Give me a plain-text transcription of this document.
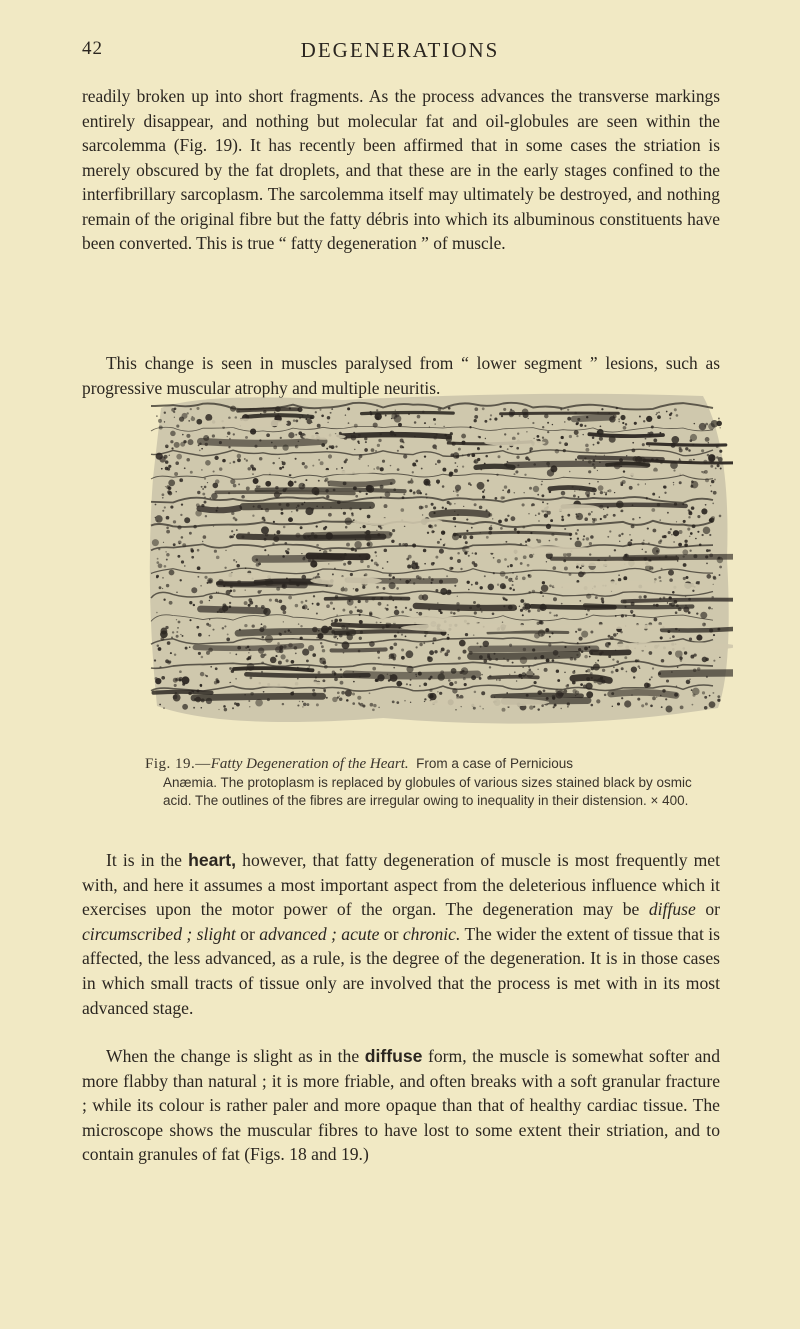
42	DEGENERATIONS

readily broken up into short fragments. As the process advances the transverse markings entirely disappear, and nothing but molecular fat and oil-globules are seen within the sarcolemma (Fig. 19). It has recently been affirmed that in some cases the striation is merely obscured by the fat droplets, and that these are in the early stages confined to the interfibrillary sarcoplasm. The sarcolemma itself may ultimately be destroyed, and nothing remain of the original fibre but the fatty débris into which its albuminous constituents have been converted. This is true “ fatty degeneration ” of muscle.

This change is seen in muscles paralysed from “ lower segment ” lesions, such as progressive muscular atrophy and multiple neuritis.

Fig. 19.—Fatty Degeneration of the Heart. From a case of Pernicious
Anæmia. The protoplasm is replaced by globules of various sizes stained black by osmic acid. The outlines of the fibres are irregular owing to inequality in their distension. × 400.

It is in the heart, however, that fatty degeneration of muscle is most frequently met with, and here it assumes a most important aspect from the deleterious influence which it exercises upon the motor power of the organ. The degeneration may be diffuse or circumscribed ; slight or advanced ; acute or chronic. The wider the extent of tissue that is affected, the less advanced, as a rule, is the degree of the degeneration. It is in those cases in which small tracts of tissue only are involved that the process is met with in its most advanced stage.

When the change is slight as in the diffuse form, the muscle is somewhat softer and more flabby than natural ; it is more friable, and often breaks with a soft granular fracture ; while its colour is rather paler and more opaque than that of healthy cardiac tissue. The microscope shows the muscular fibres to have lost to some extent their striation, and to contain granules of fat (Figs. 18 and 19.)
